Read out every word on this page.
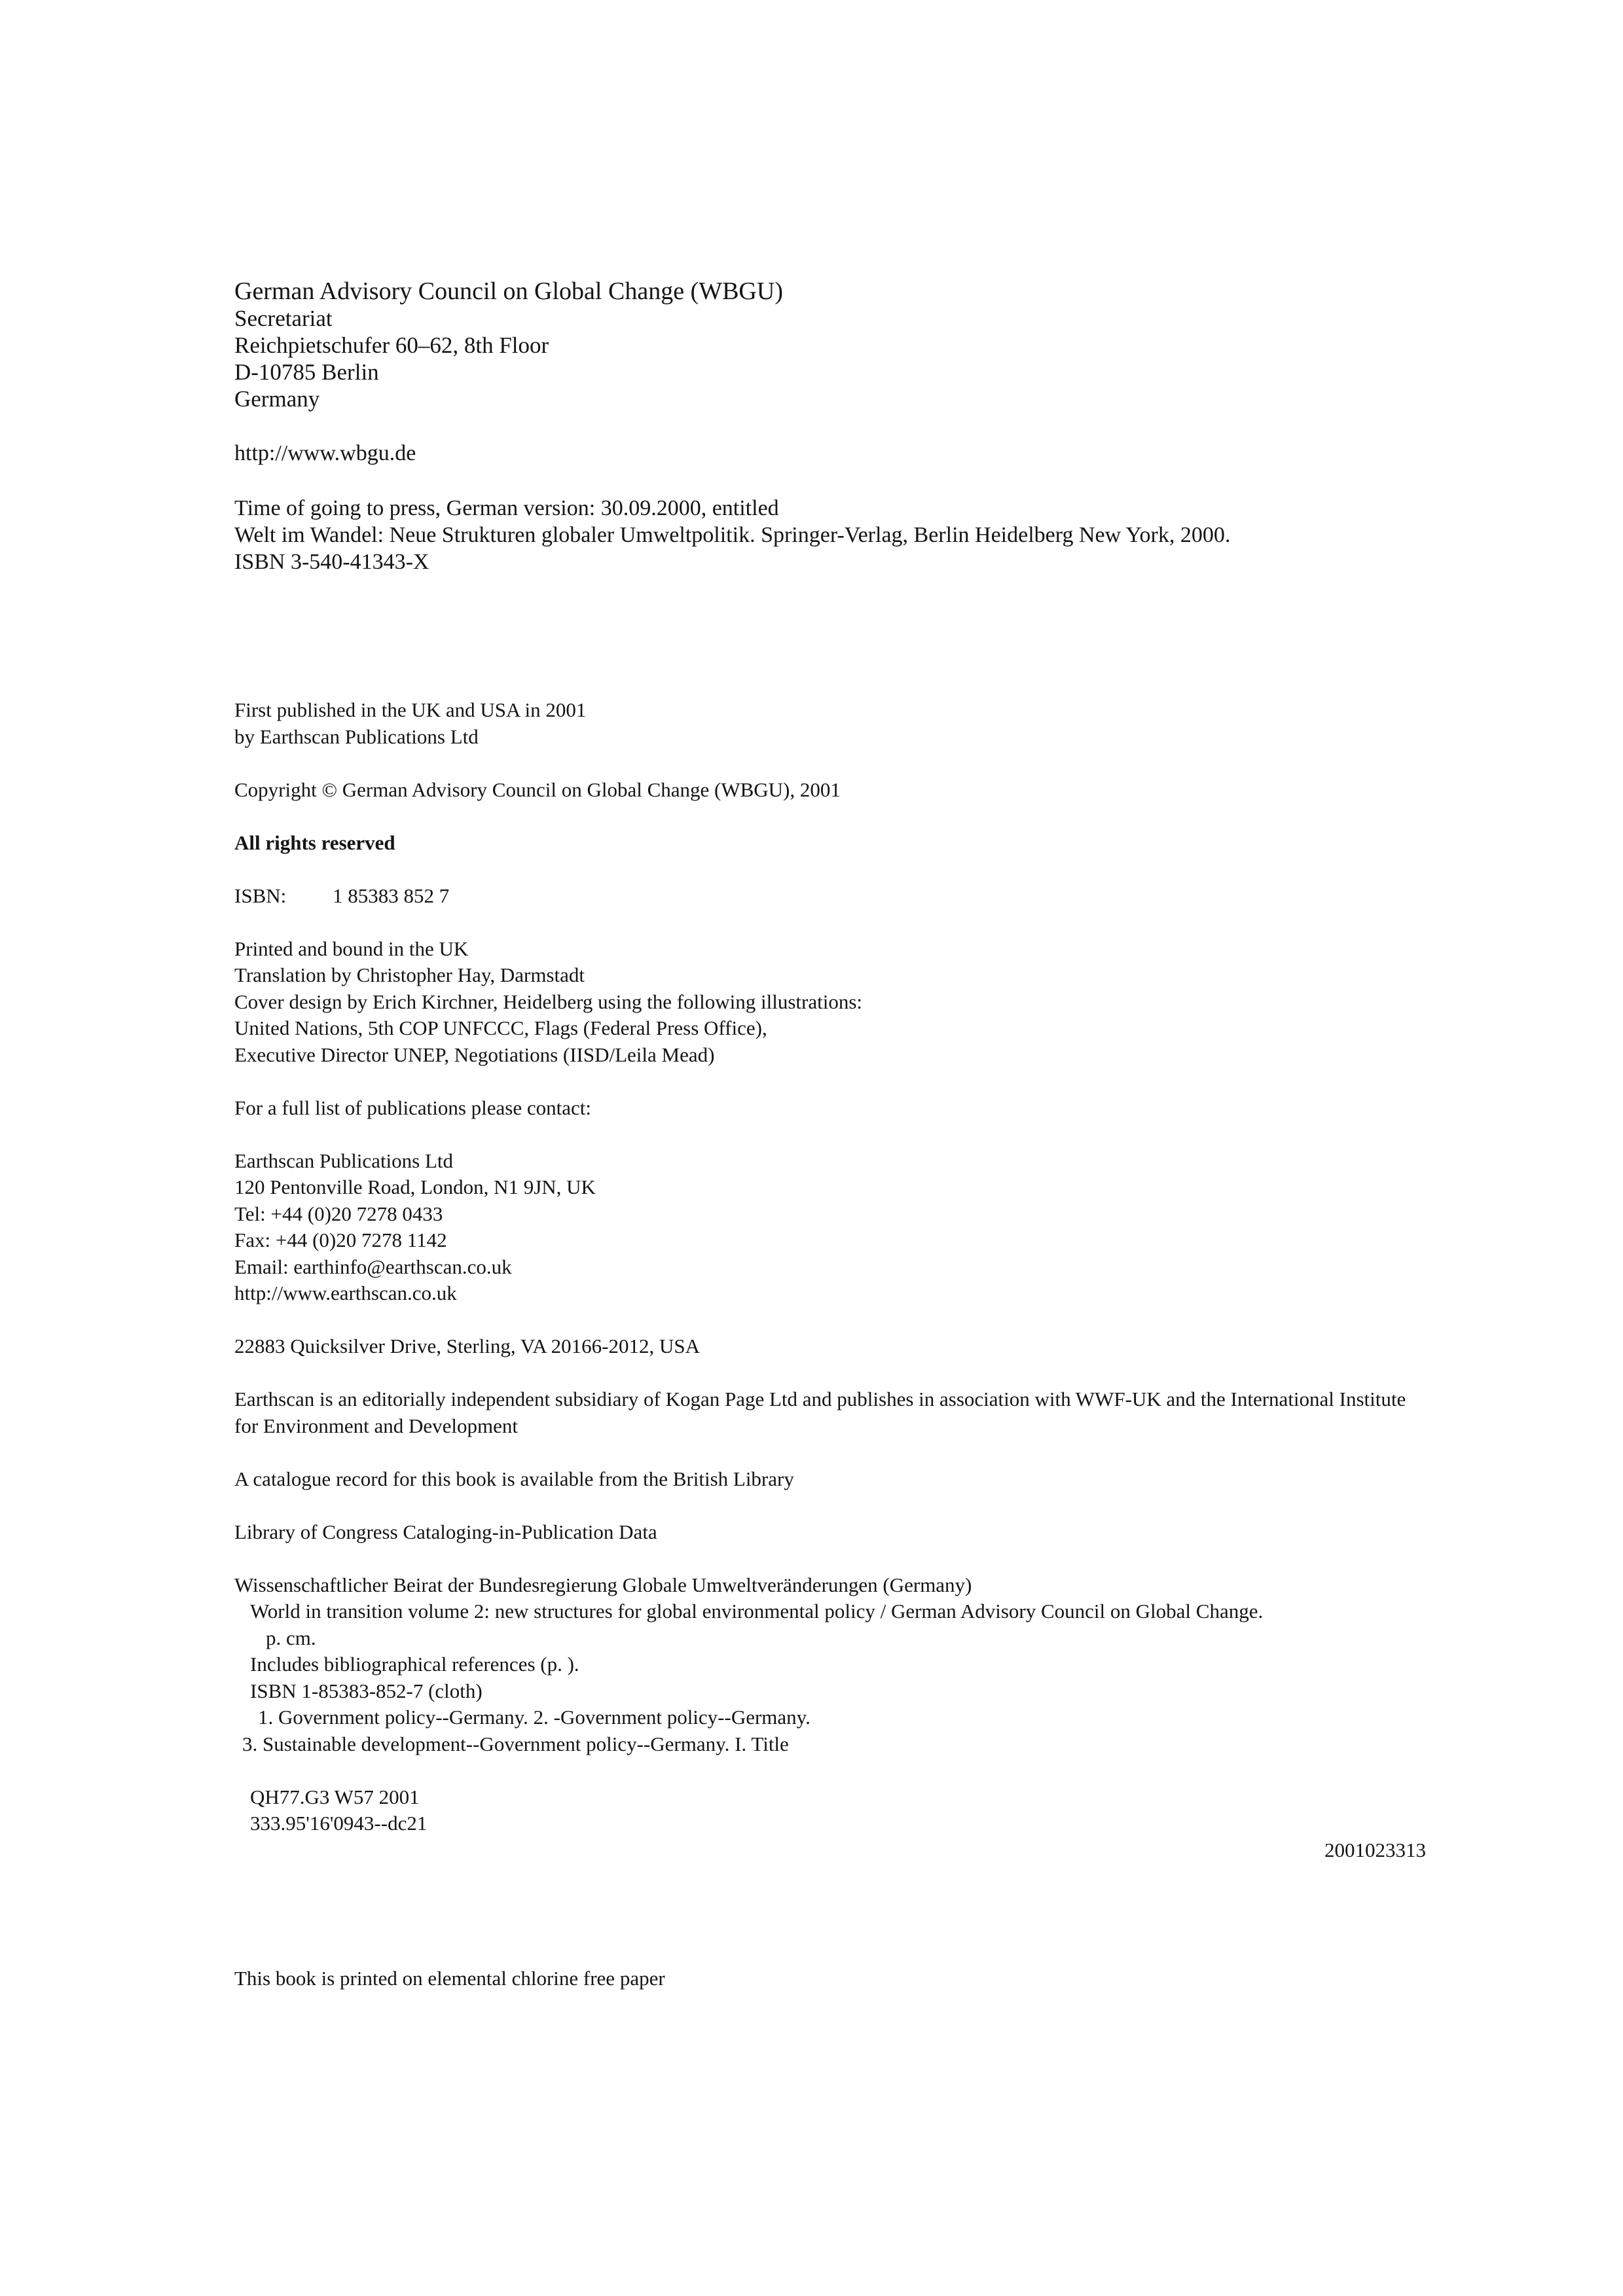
German Advisory Council on Global Change (WBGU)
Secretariat
Reichpietschufer 60–62, 8th Floor
D-10785 Berlin
Germany
http://www.wbgu.de
Time of going to press, German version: 30.09.2000, entitled
Welt im Wandel: Neue Strukturen globaler Umweltpolitik. Springer-Verlag, Berlin Heidelberg New York, 2000.
ISBN 3-540-41343-X
First published in the UK and USA in 2001
by Earthscan Publications Ltd
Copyright © German Advisory Council on Global Change (WBGU), 2001
All rights reserved
ISBN: 1 85383 852 7
Printed and bound in the UK
Translation by Christopher Hay, Darmstadt
Cover design by Erich Kirchner, Heidelberg using the following illustrations:
United Nations, 5th COP UNFCCC, Flags (Federal Press Office),
Executive Director UNEP, Negotiations (IISD/Leila Mead)
For a full list of publications please contact:
Earthscan Publications Ltd
120 Pentonville Road, London, N1 9JN, UK
Tel: +44 (0)20 7278 0433
Fax: +44 (0)20 7278 1142
Email: earthinfo@earthscan.co.uk
http://www.earthscan.co.uk
22883 Quicksilver Drive, Sterling, VA 20166-2012, USA
Earthscan is an editorially independent subsidiary of Kogan Page Ltd and publishes in association with WWF-UK and the International Institute for Environment and Development
A catalogue record for this book is available from the British Library
Library of Congress Cataloging-in-Publication Data
Wissenschaftlicher Beirat der Bundesregierung Globale Umweltveränderungen (Germany)
World in transition volume 2: new structures for global environmental policy / German Advisory Council on Global Change.
p. cm.
Includes bibliographical references (p. ).
ISBN 1-85383-852-7 (cloth)
1. Government policy--Germany. 2. -Government policy--Germany.
3. Sustainable development--Government policy--Germany. I. Title
QH77.G3 W57 2001
333.95'16'0943--dc21
2001023313
This book is printed on elemental chlorine free paper
